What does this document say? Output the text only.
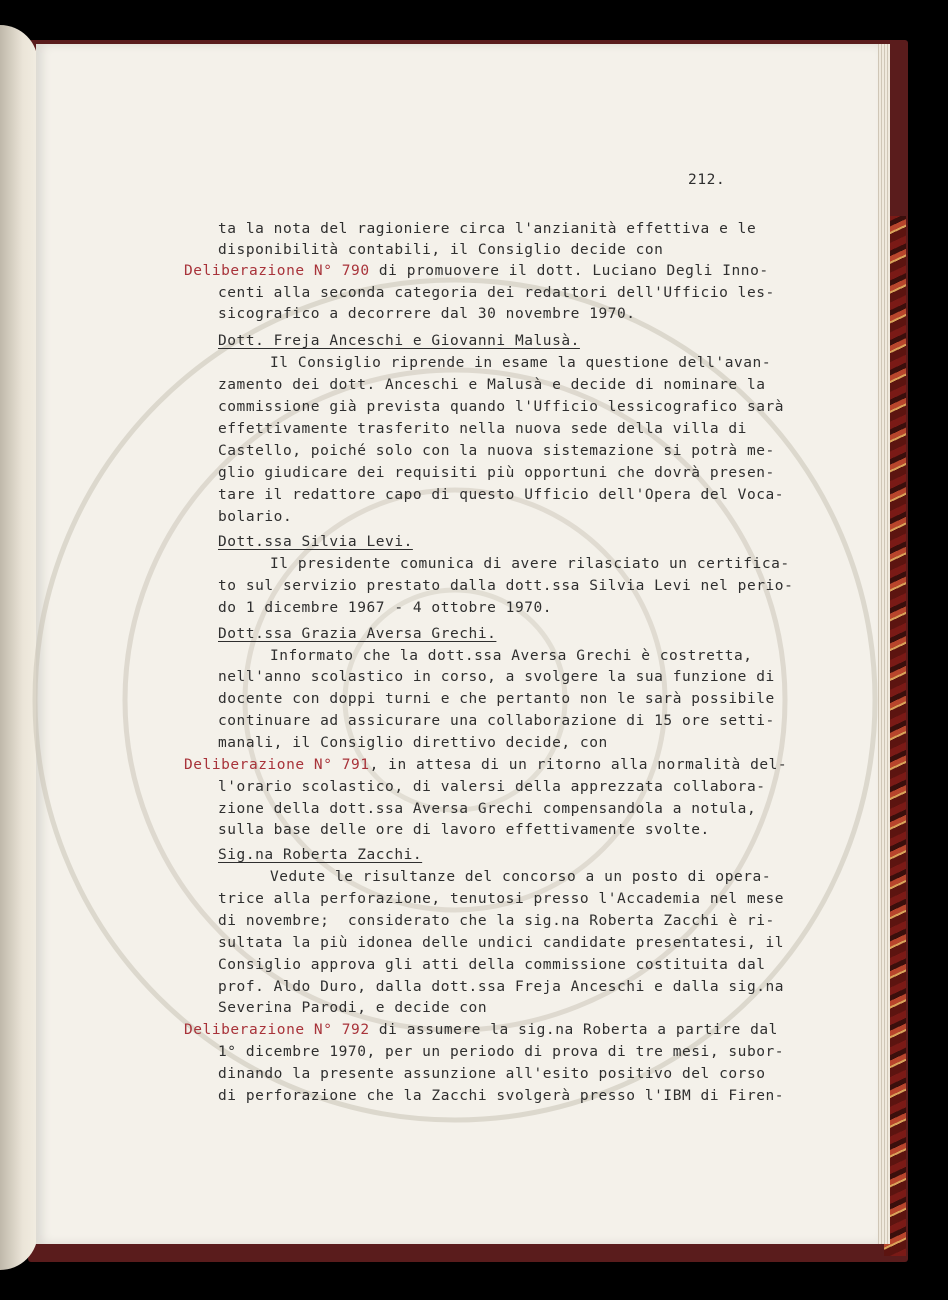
212.
ta la nota del ragioniere circa l'anzianità effettiva e le
disponibilità contabili, il Consiglio decide con
Deliberazione N° 790 di promuovere il dott. Luciano Degli Inno-
centi alla seconda categoria dei redattori dell'Ufficio les-
sicografico a decorrere dal 30 novembre 1970.
Dott. Freja Anceschi e Giovanni Malusà.
Il Consiglio riprende in esame la questione dell'avan-
zamento dei dott. Anceschi e Malusà e decide di nominare la
commissione già prevista quando l'Ufficio lessicografico sarà
effettivamente trasferito nella nuova sede della villa di
Castello, poiché solo con la nuova sistemazione si potrà me-
glio giudicare dei requisiti più opportuni che dovrà presen-
tare il redattore capo di questo Ufficio dell'Opera del Voca-
bolario.
Dott.ssa Silvia Levi.
Il presidente comunica di avere rilasciato un certifica-
to sul servizio prestato dalla dott.ssa Silvia Levi nel perio-
do 1 dicembre 1967 - 4 ottobre 1970.
Dott.ssa Grazia Aversa Grechi.
Informato che la dott.ssa Aversa Grechi è costretta,
nell'anno scolastico in corso, a svolgere la sua funzione di
docente con doppi turni e che pertanto non le sarà possibile
continuare ad assicurare una collaborazione di 15 ore setti-
manali, il Consiglio direttivo decide, con
Deliberazione N° 791, in attesa di un ritorno alla normalità del-
l'orario scolastico, di valersi della apprezzata collabora-
zione della dott.ssa Aversa Grechi compensandola a notula,
sulla base delle ore di lavoro effettivamente svolte.
Sig.na Roberta Zacchi.
Vedute le risultanze del concorso a un posto di opera-
trice alla perforazione, tenutosi presso l'Accademia nel mese
di novembre;  considerato che la sig.na Roberta Zacchi è ri-
sultata la più idonea delle undici candidate presentatesi, il
Consiglio approva gli atti della commissione costituita dal
prof. Aldo Duro, dalla dott.ssa Freja Anceschi e dalla sig.na
Severina Parodi, e decide con
Deliberazione N° 792 di assumere la sig.na Roberta a partire dal
1° dicembre 1970, per un periodo di prova di tre mesi, subor-
dinando la presente assunzione all'esito positivo del corso
di perforazione che la Zacchi svolgerà presso l'IBM di Firen-
